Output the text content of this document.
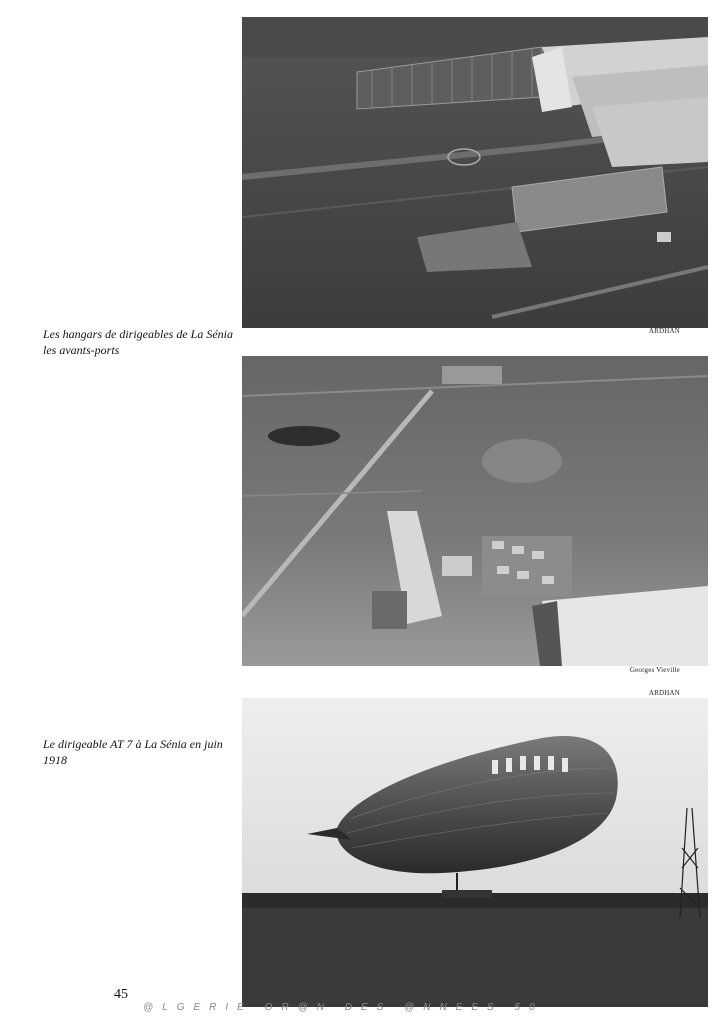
ARDHAN
Les hangars de dirigeables de La Sénia les avants-ports
Georges Vieville
ARDHAN
Le dirigeable AT 7 à La Sénia en juin 1918
45
@LGERIE OR@N DES @NNEES 50
